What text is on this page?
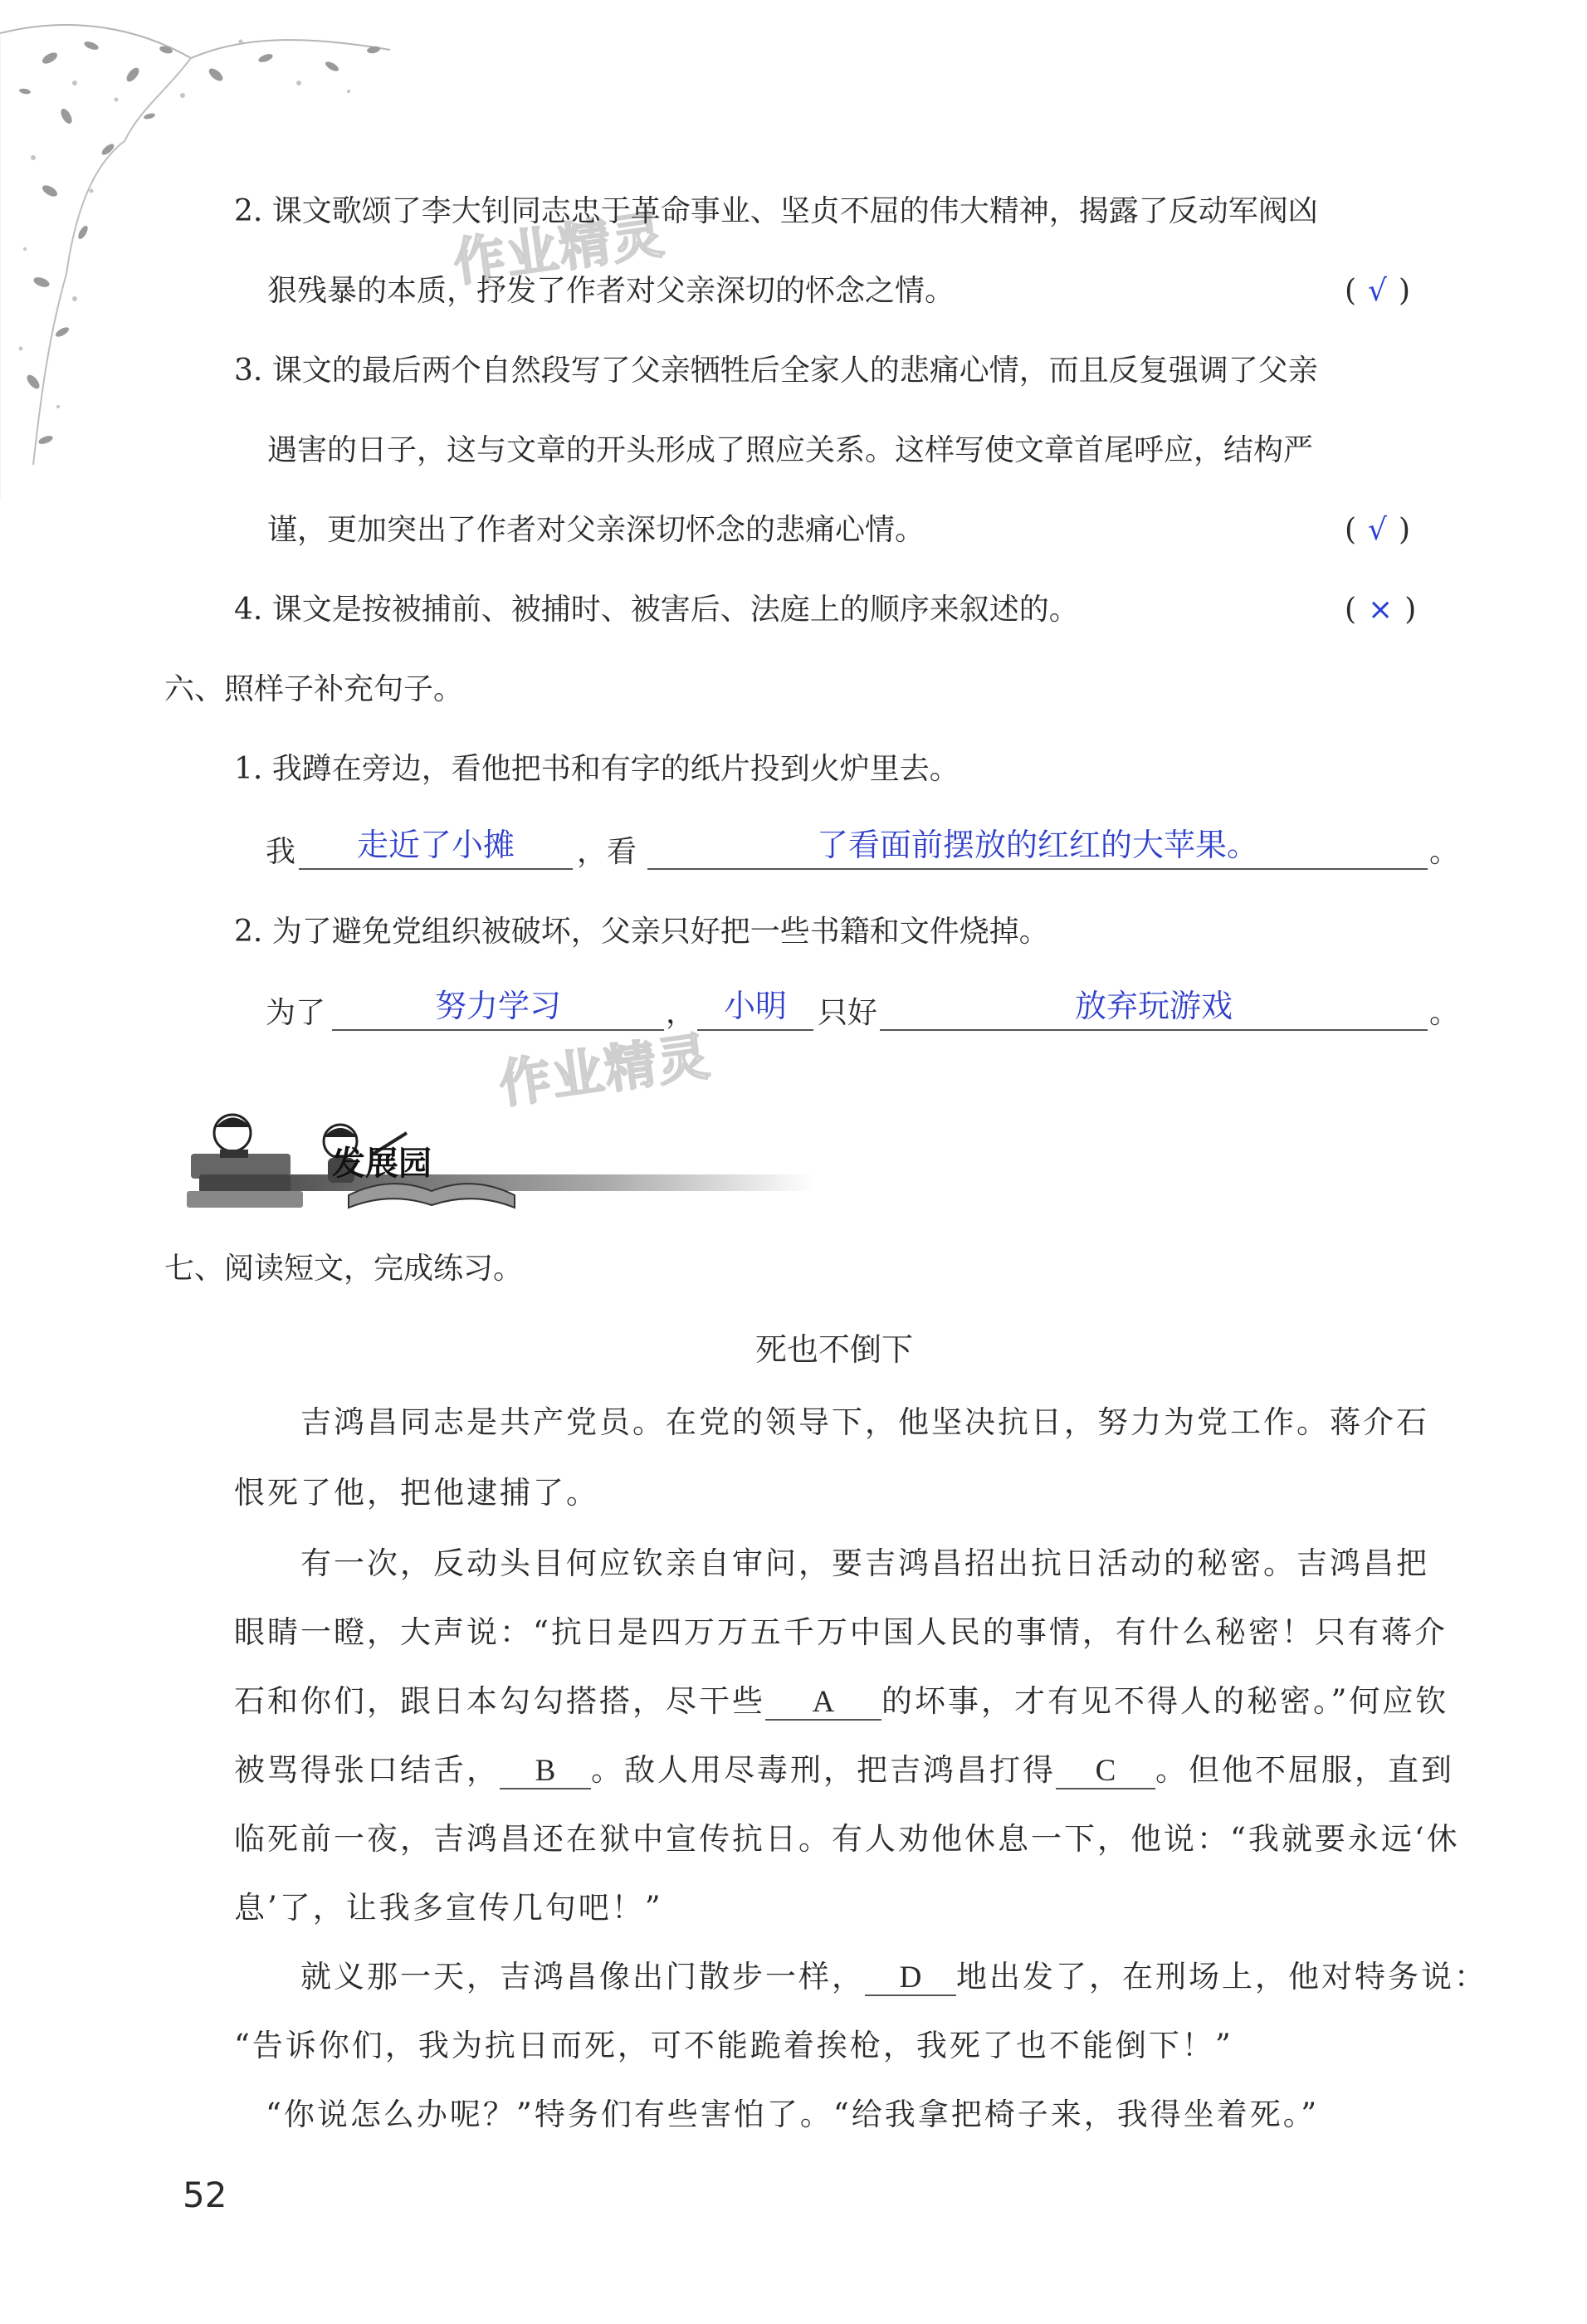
作业精灵
作业精灵
2. 课文歌颂了李大钊同志忠于革命事业、坚贞不屈的伟大精神，揭露了反动军阀凶
狠残暴的本质，抒发了作者对父亲深切的怀念之情。	( √ )
3. 课文的最后两个自然段写了父亲牺牲后全家人的悲痛心情，而且反复强调了父亲
遇害的日子，这与文章的开头形成了照应关系。这样写使文章首尾呼应，结构严
谨，更加突出了作者对父亲深切怀念的悲痛心情。	( √ )
4. 课文是按被捕前、被捕时、被害后、法庭上的顺序来叙述的。	( × )
六、照样子补充句子。
1. 我蹲在旁边，看他把书和有字的纸片投到火炉里去。
我	走近了小摊	，看	了看面前摆放的红红的大苹果。	。
2. 为了避免党组织被破坏，父亲只好把一些书籍和文件烧掉。
为了	努力学习	， 小明	只好	放弃玩游戏	。
发展园
七、阅读短文，完成练习。
死也不倒下
吉鸿昌同志是共产党员。在党的领导下，他坚决抗日，努力为党工作。蒋介石
恨死了他，把他逮捕了。
有一次，反动头目何应钦亲自审问，要吉鸿昌招出抗日活动的秘密。吉鸿昌把
眼睛一瞪，大声说：“抗日是四万万五千万中国人民的事情，有什么秘密！只有蒋介
石和你们，跟日本勾勾搭搭，尽干些 A 的坏事，才有见不得人的秘密。”何应钦
被骂得张口结舌， B 。敌人用尽毒刑，把吉鸿昌打得 C 。但他不屈服，直到
临死前一夜，吉鸿昌还在狱中宣传抗日。有人劝他休息一下，他说：“我就要永远‘休
息’了，让我多宣传几句吧！”
就义那一天，吉鸿昌像出门散步一样， D 地出发了，在刑场上，他对特务说：
“告诉你们，我为抗日而死，可不能跪着挨枪，我死了也不能倒下！”
“你说怎么办呢？”特务们有些害怕了。“给我拿把椅子来，我得坐着死。”
52
